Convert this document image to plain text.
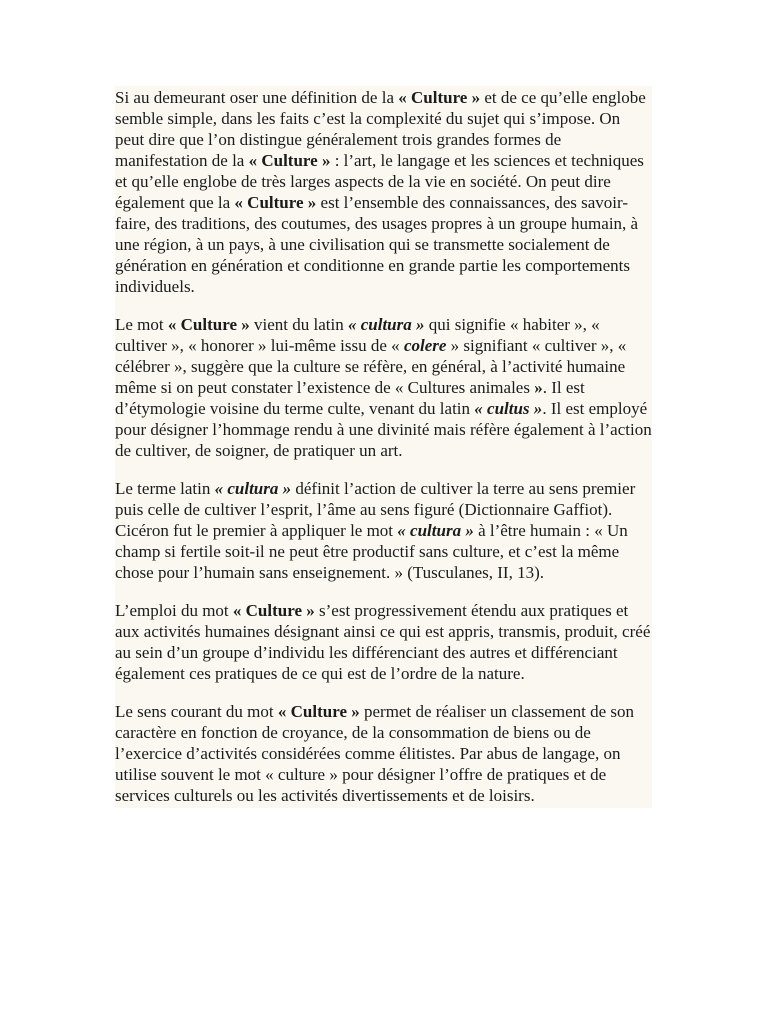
Si au demeurant oser une définition de la « Culture » et de ce qu’elle englobe semble simple, dans les faits c’est la complexité du sujet qui s’impose. On peut dire que l’on distingue généralement trois grandes formes de manifestation de la « Culture » : l’art, le langage et les sciences et techniques et qu’elle englobe de très larges aspects de la vie en société. On peut dire également que la « Culture » est l’ensemble des connaissances, des savoir-faire, des traditions, des coutumes, des usages propres à un groupe humain, à une région, à un pays, à une civilisation qui se transmette socialement de génération en génération et conditionne en grande partie les comportements individuels.

Le mot « Culture » vient du latin « cultura » qui signifie « habiter », « cultiver », « honorer » lui-même issu de « colere » signifiant « cultiver », « célébrer », suggère que la culture se réfère, en général, à l’activité humaine même si on peut constater l’existence de « Cultures animales ». Il est d’étymologie voisine du terme culte, venant du latin « cultus ». Il est employé pour désigner l’hommage rendu à une divinité mais réfère également à l’action de cultiver, de soigner, de pratiquer un art.

Le terme latin « cultura » définit l’action de cultiver la terre au sens premier puis celle de cultiver l’esprit, l’âme au sens figuré (Dictionnaire Gaffiot). Cicéron fut le premier à appliquer le mot « cultura » à l’être humain : « Un champ si fertile soit-il ne peut être productif sans culture, et c’est la même chose pour l’humain sans enseignement. » (Tusculanes, II, 13).

L’emploi du mot « Culture » s’est progressivement étendu aux pratiques et aux activités humaines désignant ainsi ce qui est appris, transmis, produit, créé au sein d’un groupe d’individu les différenciant des autres et différenciant également ces pratiques de ce qui est de l’ordre de la nature.

Le sens courant du mot « Culture » permet de réaliser un classement de son caractère en fonction de croyance, de la consommation de biens ou de l’exercice d’activités considérées comme élitistes. Par abus de langage, on utilise souvent le mot « culture » pour désigner l’offre de pratiques et de services culturels ou les activités divertissements et de loisirs.
